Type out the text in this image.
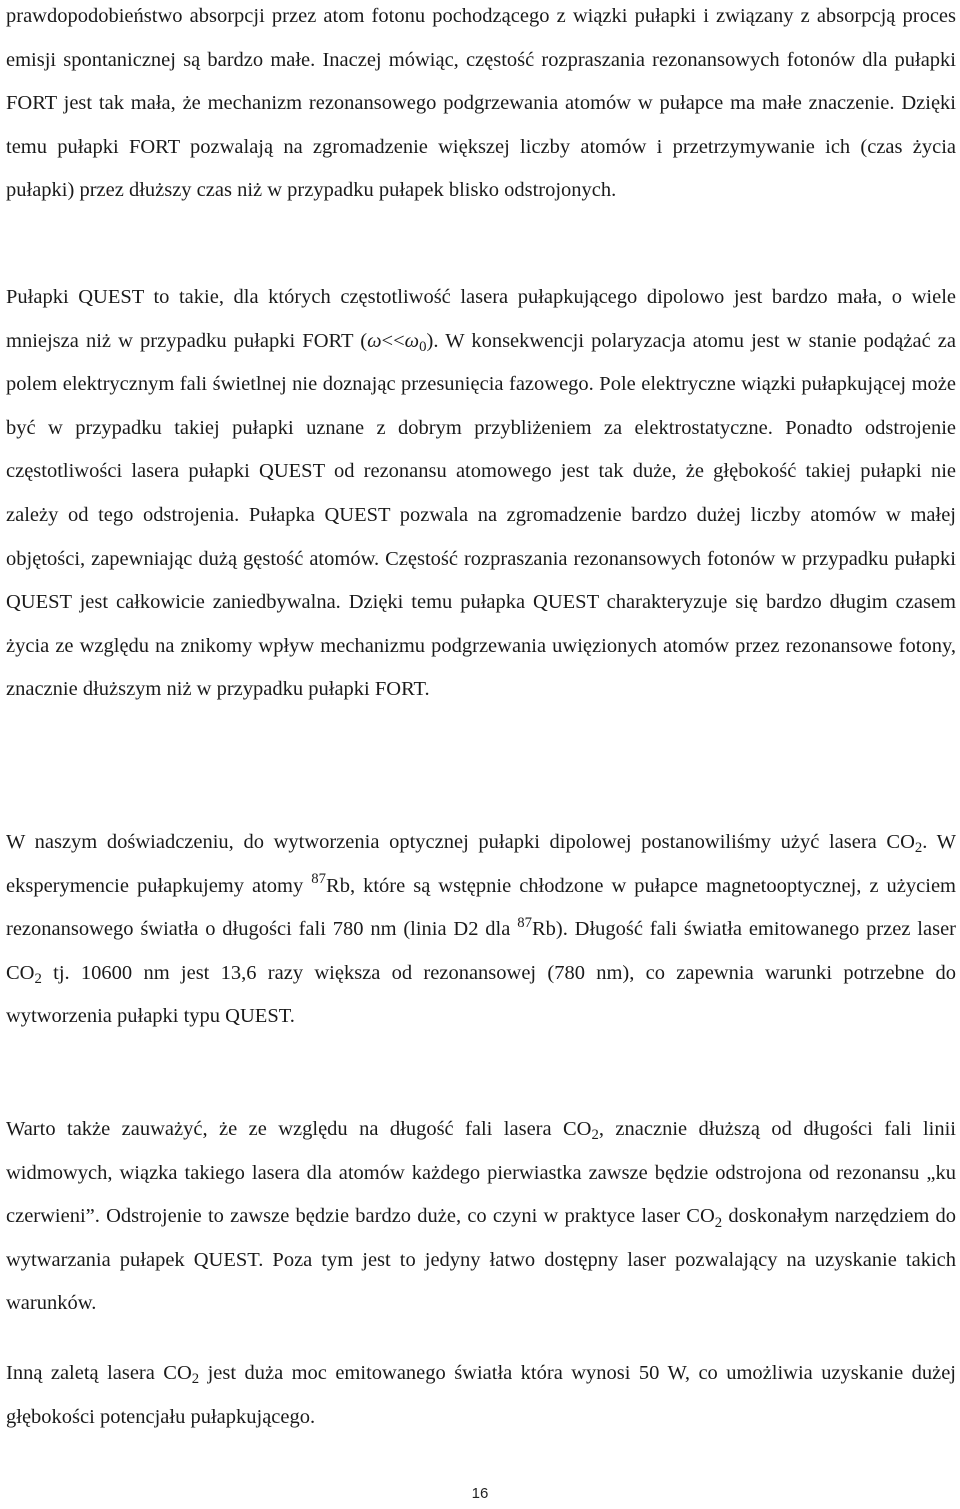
prawdopodobieństwo absorpcji przez atom fotonu pochodzącego z wiązki pułapki i związany z absorpcją proces emisji spontanicznej są bardzo małe. Inaczej mówiąc, częstość rozpraszania rezonansowych fotonów dla pułapki FORT jest tak mała, że mechanizm rezonansowego podgrzewania atomów w pułapce ma małe znaczenie. Dzięki temu pułapki FORT pozwalają na zgromadzenie większej liczby atomów i przetrzymywanie ich (czas życia pułapki) przez dłuższy czas niż w przypadku pułapek blisko odstrojonych.

Pułapki QUEST to takie, dla których częstotliwość lasera pułapkującego dipolowo jest bardzo mała, o wiele mniejsza niż w przypadku pułapki FORT $(\omega<<\omega_0)$. W konsekwencji polaryzacja atomu jest w stanie podążać za polem elektrycznym fali świetlnej nie doznając przesunięcia fazowego. Pole elektryczne wiązki pułapkującej może być w przypadku takiej pułapki uznane z dobrym przybliżeniem za elektrostatyczne. Ponadto odstrojenie częstotliwości lasera pułapki QUEST od rezonansu atomowego jest tak duże, że głębokość takiej pułapki nie zależy od tego odstrojenia. Pułapka QUEST pozwala na zgromadzenie bardzo dużej liczby atomów w małej objętości, zapewniając dużą gęstość atomów. Częstość rozpraszania rezonansowych fotonów w przypadku pułapki QUEST jest całkowicie zaniedbywalna. Dzięki temu pułapka QUEST charakteryzuje się bardzo długim czasem życia ze względu na znikomy wpływ mechanizmu podgrzewania uwięzionych atomów przez rezonansowe fotony, znacznie dłuższym niż w przypadku pułapki FORT.

W naszym doświadczeniu, do wytworzenia optycznej pułapki dipolowej postanowiliśmy użyć lasera $CO_2$. W eksperymencie pułapkujemy atomy $^{87}$Rb, które są wstępnie chłodzone w pułapce magnetooptycznej, z użyciem rezonansowego światła o długości fali 780 nm (linia D2 dla $^{87}$Rb). Długość fali światła emitowanego przez laser $CO_2$ tj. 10600 nm jest 13,6 razy większa od rezonansowej (780 nm), co zapewnia warunki potrzebne do wytworzenia pułapki typu QUEST.

Warto także zauważyć, że ze względu na długość fali lasera $CO_2$, znacznie dłuższą od długości fali linii widmowych, wiązka takiego lasera dla atomów każdego pierwiastka zawsze będzie odstrojona od rezonansu „ku czerwieni”. Odstrojenie to zawsze będzie bardzo duże, co czyni w praktyce laser $CO_2$ doskonałym narzędziem do wytwarzania pułapek QUEST. Poza tym jest to jedyny łatwo dostępny laser pozwalający na uzyskanie takich warunków.

Inną zaletą lasera $CO_2$ jest duża moc emitowanego światła która wynosi 50 W, co umożliwia uzyskanie dużej głębokości potencjału pułapkującego.

16
